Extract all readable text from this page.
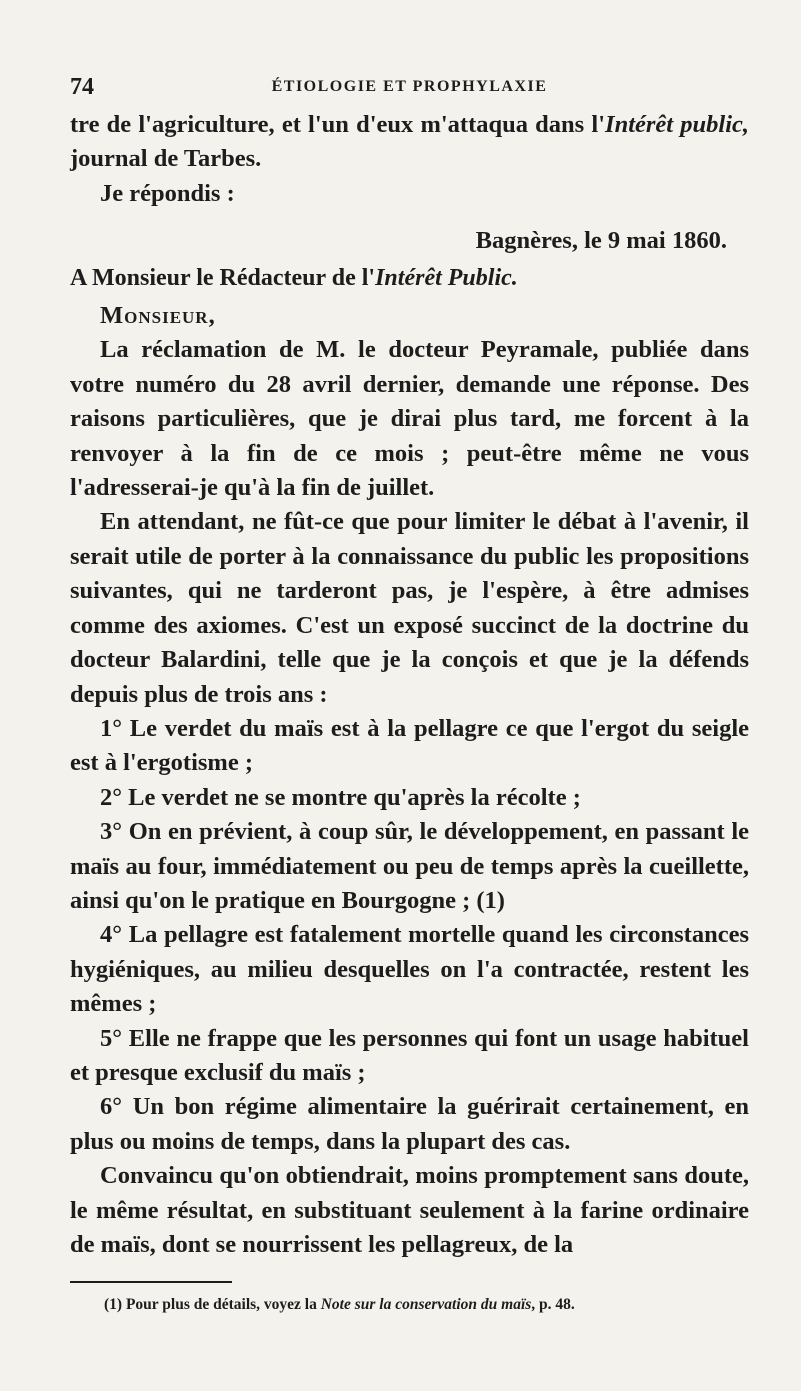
74	ÉTIOLOGIE ET PROPHYLAXIE

tre de l'agriculture, et l'un d'eux m'attaqua dans l'Intérêt public, journal de Tarbes.

Je répondis :

Bagnères, le 9 mai 1860.

A Monsieur le Rédacteur de l'Intérêt Public.

Monsieur,

La réclamation de M. le docteur Peyramale, publiée dans votre numéro du 28 avril dernier, demande une réponse. Des raisons particulières, que je dirai plus tard, me forcent à la renvoyer à la fin de ce mois ; peut-être même ne vous l'adresserai-je qu'à la fin de juillet.

En attendant, ne fût-ce que pour limiter le débat à l'avenir, il serait utile de porter à la connaissance du public les propositions suivantes, qui ne tarderont pas, je l'espère, à être admises comme des axiomes. C'est un exposé succinct de la doctrine du docteur Balardini, telle que je la conçois et que je la défends depuis plus de trois ans :

1° Le verdet du maïs est à la pellagre ce que l'ergot du seigle est à l'ergotisme ;

2° Le verdet ne se montre qu'après la récolte ;

3° On en prévient, à coup sûr, le développement, en passant le maïs au four, immédiatement ou peu de temps après la cueillette, ainsi qu'on le pratique en Bourgogne ; (1)

4° La pellagre est fatalement mortelle quand les circonstances hygiéniques, au milieu desquelles on l'a contractée, restent les mêmes ;

5° Elle ne frappe que les personnes qui font un usage habituel et presque exclusif du maïs ;

6° Un bon régime alimentaire la guérirait certainement, en plus ou moins de temps, dans la plupart des cas.

Convaincu qu'on obtiendrait, moins promptement sans doute, le même résultat, en substituant seulement à la farine ordinaire de maïs, dont se nourrissent les pellagreux, de la

(1) Pour plus de détails, voyez la Note sur la conservation du maïs, p. 48.
